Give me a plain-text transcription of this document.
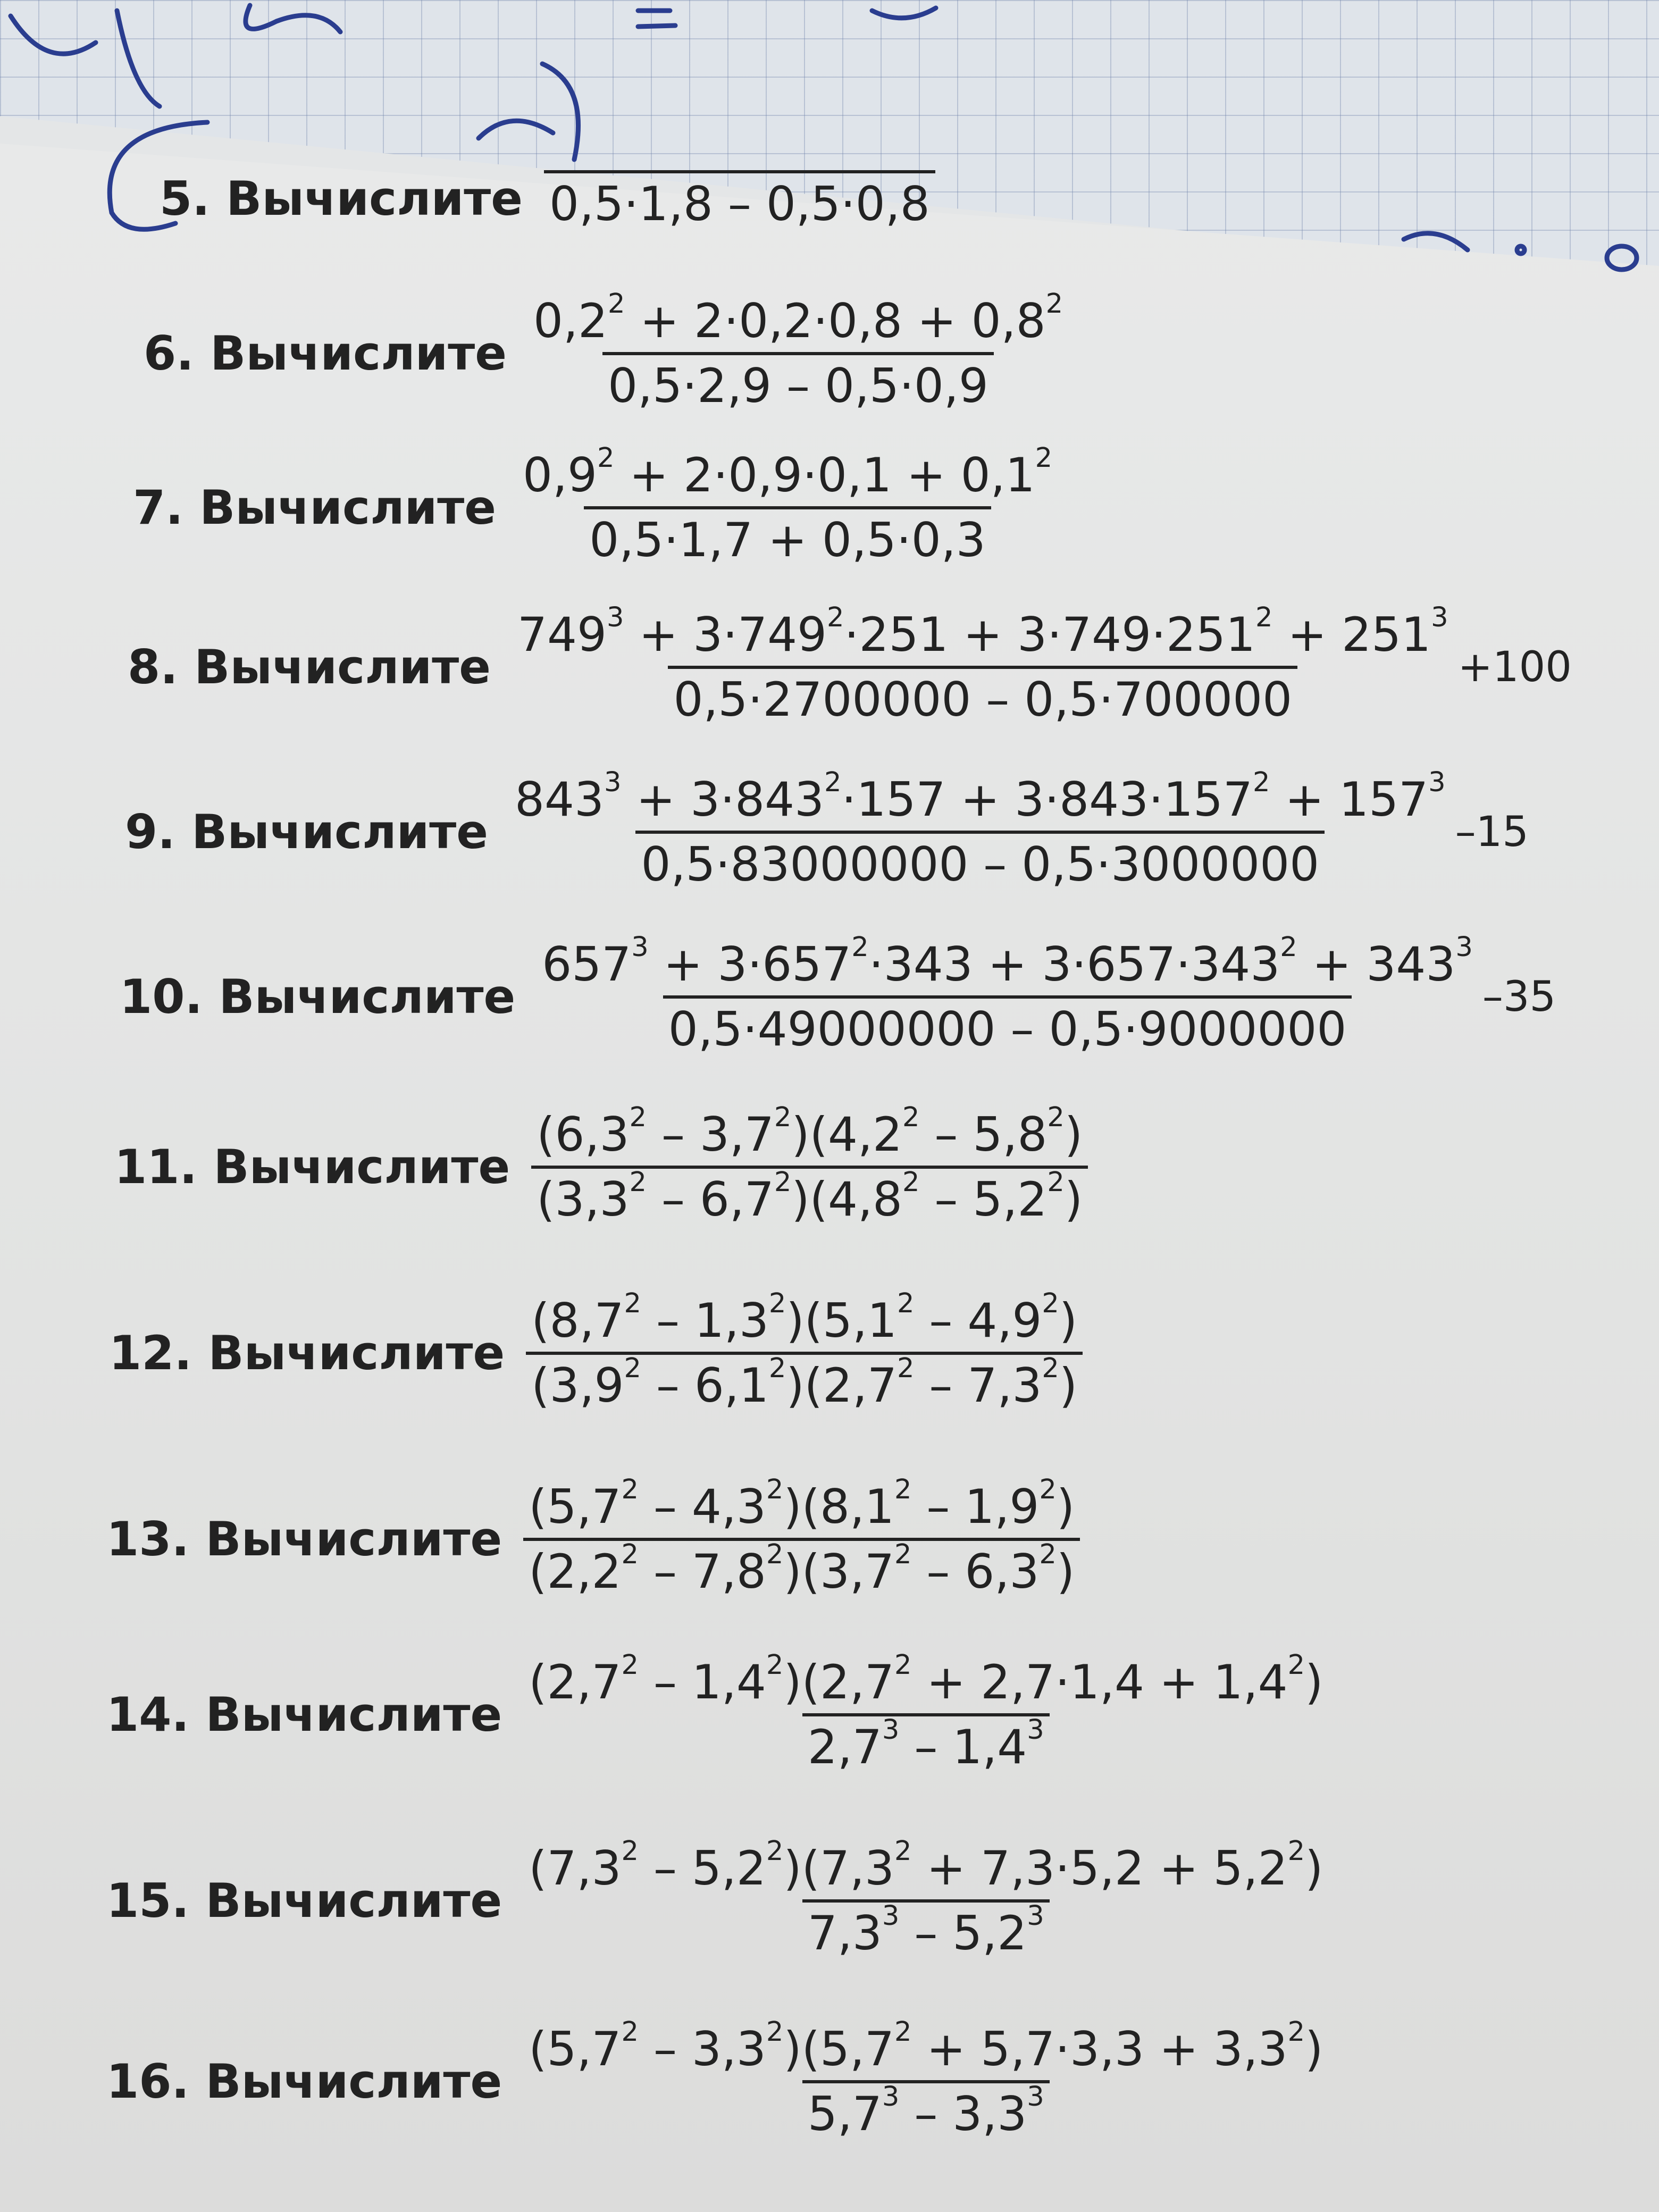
5. Вычислите 0,5·1,8 – 0,5·0,8
6. Вычислите $\frac{0,2^2 + 2\cdot 0,2\cdot 0,8 + 0,8^2}{0,5\cdot 2,9 - 0,5\cdot 0,9}$
7. Вычислите $\frac{0,9^2 + 2\cdot 0,9\cdot 0,1 + 0,1^2}{0,5\cdot 1,7 + 0,5\cdot 0,3}$
8. Вычислите $\frac{749^3 + 3\cdot 749^2\cdot 251 + 3\cdot 749\cdot 251^2 + 251^3}{0,5\cdot 2700000 - 0,5\cdot 700000} +100$
9. Вычислите $\frac{843^3 + 3\cdot 843^2\cdot 157 + 3\cdot 843\cdot 157^2 + 157^3}{0,5\cdot 83000000 - 0,5\cdot 3000000} -15$
10. Вычислите $\frac{657^3 + 3\cdot 657^2\cdot 343 + 3\cdot 657\cdot 343^2 + 343^3}{0,5\cdot 49000000 - 0,5\cdot 9000000} -35$
11. Вычислите $\frac{(6,3^2 - 3,7^2)(4,2^2 - 5,8^2)}{(3,3^2 - 6,7^2)(4,8^2 - 5,2^2)}$
12. Вычислите $\frac{(8,7^2 - 1,3^2)(5,1^2 - 4,9^2)}{(3,9^2 - 6,1^2)(2,7^2 - 7,3^2)}$
13. Вычислите $\frac{(5,7^2 - 4,3^2)(8,1^2 - 1,9^2)}{(2,2^2 - 7,8^2)(3,7^2 - 6,3^2)}$
14. Вычислите $\frac{(2,7^2 - 1,4^2)(2,7^2 + 2,7\cdot 1,4 + 1,4^2)}{2,7^3 - 1,4^3}$
15. Вычислите $\frac{(7,3^2 - 5,2^2)(7,3^2 + 7,3\cdot 5,2 + 5,2^2)}{7,3^3 - 5,2^3}$
16. Вычислите $\frac{(5,7^2 - 3,3^2)(5,7^2 + 5,7\cdot 3,3 + 3,3^2)}{5,7^3 - 3,3^3}$
